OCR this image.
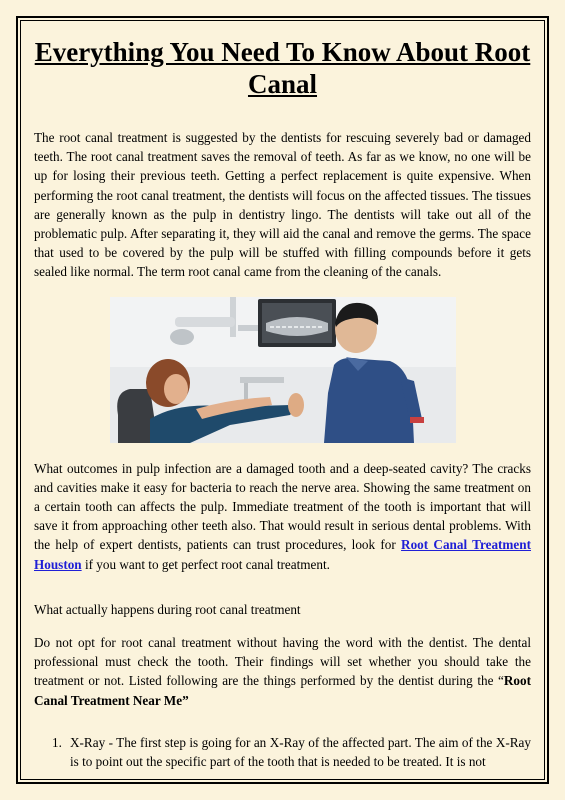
Everything You Need To Know About Root Canal

The root canal treatment is suggested by the dentists for rescuing severely bad or damaged teeth. The root canal treatment saves the removal of teeth. As far as we know, no one will be up for losing their previous teeth. Getting a perfect replacement is quite expensive. When performing the root canal treatment, the dentists will focus on the affected tissues. The tissues are generally known as the pulp in dentistry lingo. The dentists will take out all of the problematic pulp. After separating it, they will aid the canal and remove the germs. The space that used to be covered by the pulp will be stuffed with filling compounds before it gets sealed like normal. The term root canal came from the cleaning of the canals.

What outcomes in pulp infection are a damaged tooth and a deep-seated cavity? The cracks and cavities make it easy for bacteria to reach the nerve area. Showing the same treatment on a certain tooth can affects the pulp. Immediate treatment of the tooth is important that will save it from approaching other teeth also. That would result in serious dental problems. With the help of expert dentists, patients can trust procedures, look for Root Canal Treatment Houston if you want to get perfect root canal treatment.

What actually happens during root canal treatment

Do not opt for root canal treatment without having the word with the dentist. The dental professional must check the tooth. Their findings will set whether you should take the treatment or not. Listed following are the things performed by the dentist during the “Root Canal Treatment Near Me”

1. X-Ray - The first step is going for an X-Ray of the affected part. The aim of the X-Ray is to point out the specific part of the tooth that is needed to be treated. It is not
